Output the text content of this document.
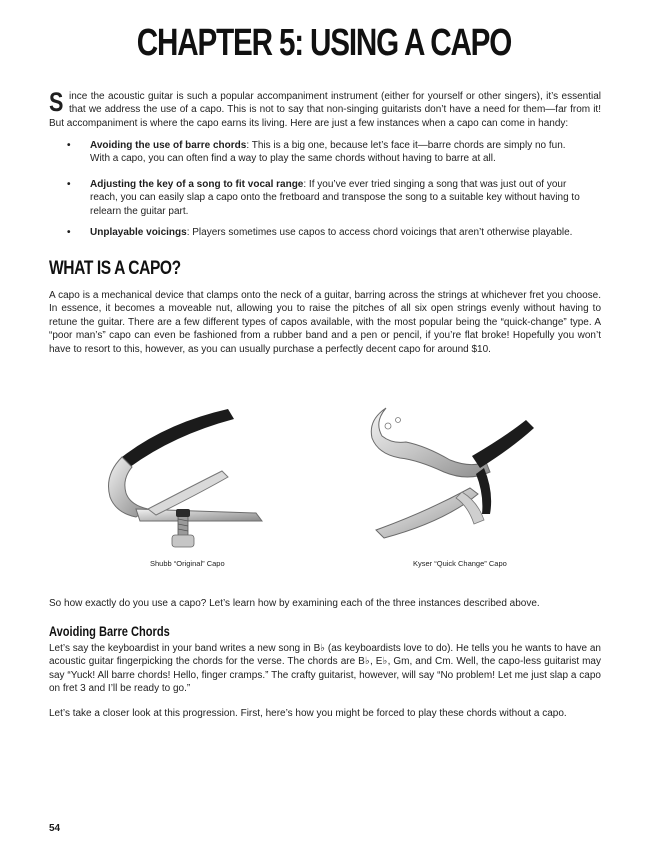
CHAPTER 5: USING A CAPO

Since the acoustic guitar is such a popular accompaniment instrument (either for yourself or other singers), it’s essential that we address the use of a capo. This is not to say that non-singing guitarists don’t have a need for them—far from it! But accompaniment is where the capo earns its living. Here are just a few instances when a capo can come in handy:

• Avoiding the use of barre chords: This is a big one, because let’s face it—barre chords are simply no fun. With a capo, you can often find a way to play the same chords without having to barre at all.
• Adjusting the key of a song to fit vocal range: If you’ve ever tried singing a song that was just out of your reach, you can easily slap a capo onto the fretboard and transpose the song to a suitable key without having to relearn the guitar part.
• Unplayable voicings: Players sometimes use capos to access chord voicings that aren’t otherwise playable.
WHAT IS A CAPO?

A capo is a mechanical device that clamps onto the neck of a guitar, barring across the strings at whichever fret you choose. In essence, it becomes a moveable nut, allowing you to raise the pitches of all six open strings evenly without having to retune the guitar. There are a few different types of capos available, with the most popular being the “quick-change” type. A “poor man’s” capo can even be fashioned from a rubber band and a pen or pencil, if you’re flat broke! Hopefully you won’t have to resort to this, however, as you can usually purchase a perfectly decent capo for around $10.

Shubb “Original” Capo	Kyser “Quick Change” Capo

So how exactly do you use a capo? Let’s learn how by examining each of the three instances described above.

Avoiding Barre Chords

Let’s say the keyboardist in your band writes a new song in B♭ (as keyboardists love to do). He tells you he wants to have an acoustic guitar fingerpicking the chords for the verse. The chords are B♭, E♭, Gm, and Cm. Well, the capo-less guitarist may say “Yuck! All barre chords! Hello, finger cramps.” The crafty guitarist, however, will say “No problem! Let me just slap a capo on fret 3 and I’ll be ready to go.”

Let’s take a closer look at this progression. First, here’s how you might be forced to play these chords without a capo.

54
